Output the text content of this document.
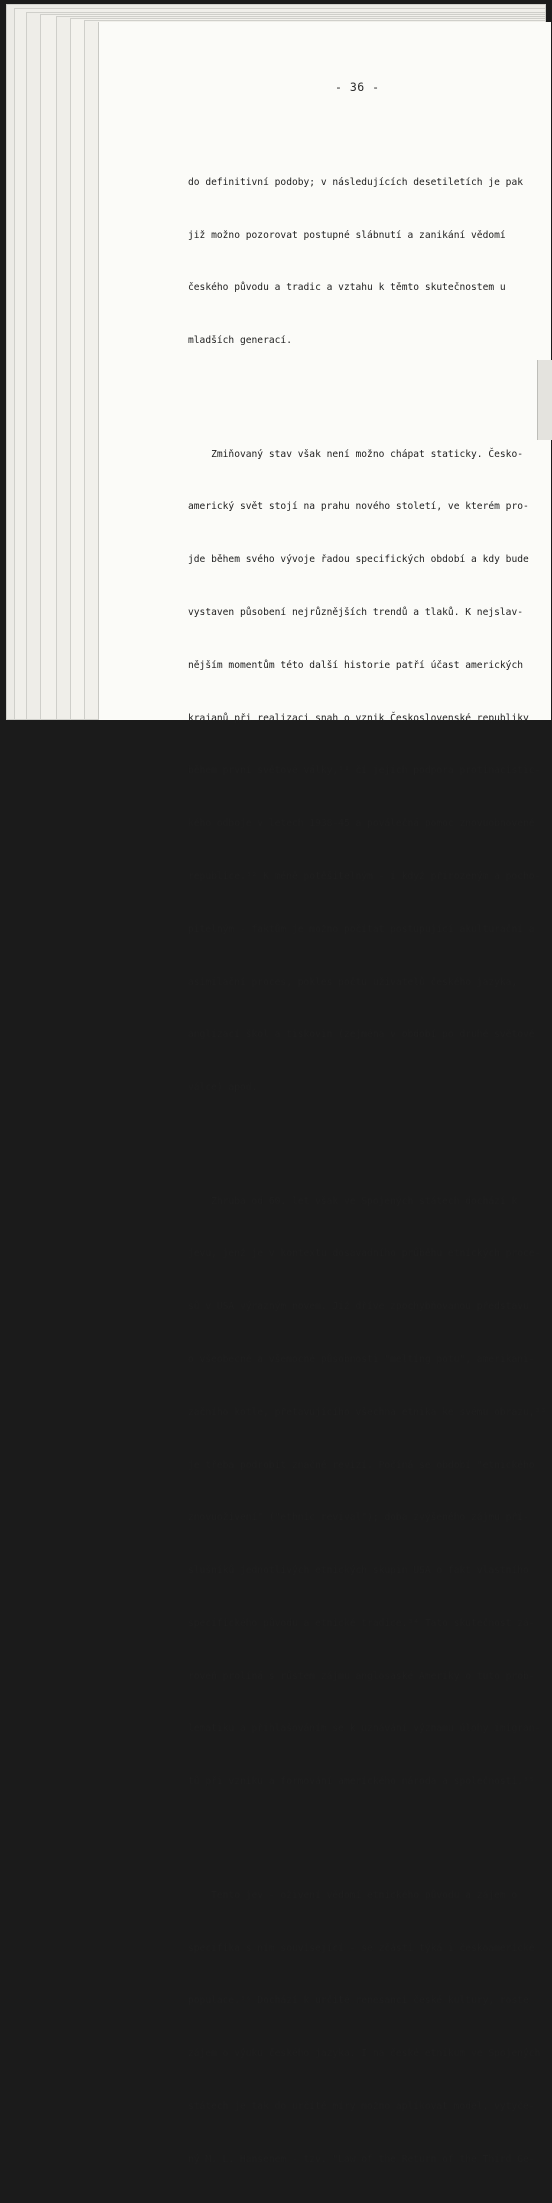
- 36 -

do definitivní podoby; v následujících desetiletích je pak

již možno pozorovat postupné slábnutí a zanikání vědomí

českého původu a tradic a vztahu k těmto skutečnostem u

mladších generací.

Zmiňovaný stav však není možno chápat staticky. Česko-

americký svět stojí na prahu nového století, ve kterém pro-

jde během svého vývoje řadou specifických období a kdy bude

vystaven působení nejrůznějších trendů a tlaků. K nejslav-

nějším momentům této další historie patří účast amerických

krajanů při realizaci snah o vznik Československé republiky

během první světové války,³¹ či jejich podpora protinacistic-

kého odboje v letech 1938-45 a poválečná pomoc znovuobnovené

republice.³² K méně potěšitelným - i když přirozeným a pocho-

pitelným - faktům je možno počítat postupující akulturační a

asimilační proces, pokles počtu uživatelů českého jazyka,

anglizaci škol a tiskovin (zejména v období po druhé světové

válce) apod.

Zhruba od 60. let však ve Spojených státech dochází k

jevu, jenž je v kontextu dosavadního průběhu etnických proce-

sů v USA výrazným novem. Již dříve zpochybňovanou představu

o všeobecné a všemocné působnosti "melting potu", amerikani-

začního kotle, přetavujícího všechna etnika ke svému obrazu,³³

je třeba podrobit značné revizi. Počíná se období "etnického

znovuoživení" ("ethnic revival"); doba zvýšeného zájmu pří-

slušníků jednotlivých etnických skupin USA o fakt vlastního

specifického původu a etnické tradice.³⁴ Tato skutečnost zá-

roveň prolíná s růstem zájmu anglosaské Ameriky o tuto prob-

lematiku a přihlašováním se k uznávání významu úlohy imigran-

tů při vzniku a formování amerického národa a společnosti.³⁵

Tento jev - oživení vědomí etnického původu a zájem o

specifika s ním související - se zčásti týká i českoamerické

populace.³⁶ Dochází k určité renesanci české kultury, roste

zájem o výuku českého jazyka. I na české etnikum ve Spojených

státech je tak do určité míry možno aplikovat model, vytyče-

ný M. L. Hansenem - tzv. "Law of the Return of the Third Ge-
